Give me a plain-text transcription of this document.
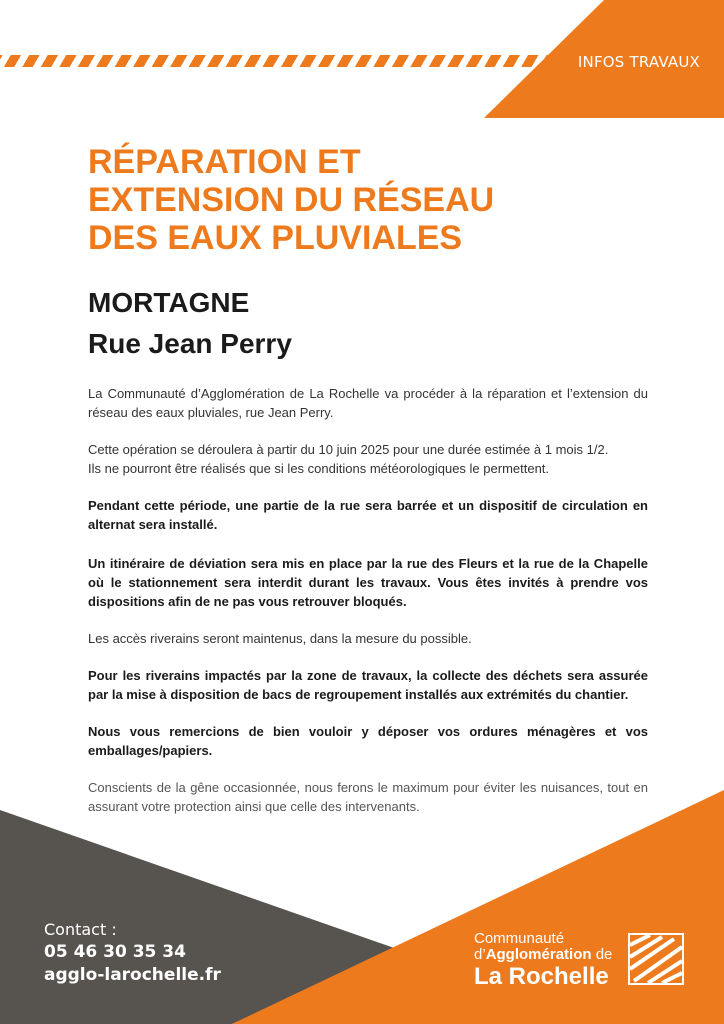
INFOS TRAVAUX
RÉPARATION ET
EXTENSION DU RÉSEAU
DES EAUX PLUVIALES
MORTAGNE
Rue Jean Perry

La Communauté d’Agglomération de La Rochelle va procéder à la réparation et l’extension du réseau des eaux pluviales, rue Jean Perry.

Cette opération se déroulera à partir du 10 juin 2025 pour une durée estimée à 1 mois 1/2.
Ils ne pourront être réalisés que si les conditions météorologiques le permettent.

Pendant cette période, une partie de la rue sera barrée et un dispositif de circulation en alternat sera installé.

Un itinéraire de déviation sera mis en place par la rue des Fleurs et la rue de la Chapelle où le stationnement sera interdit durant les travaux. Vous êtes invités à prendre vos dispositions afin de ne pas vous retrouver bloqués.

Les accès riverains seront maintenus, dans la mesure du possible.

Pour les riverains impactés par la zone de travaux, la collecte des déchets sera assurée par la mise à disposition de bacs de regroupement installés aux extrémités du chantier.

Nous vous remercions de bien vouloir y déposer vos ordures ménagères et vos emballages/papiers.

Conscients de la gêne occasionnée, nous ferons le maximum pour éviter les nuisances, tout en assurant votre protection ainsi que celle des intervenants.

Contact :
05 46 30 35 34
agglo-larochelle.fr
Communauté
d’Agglomération de
La Rochelle
